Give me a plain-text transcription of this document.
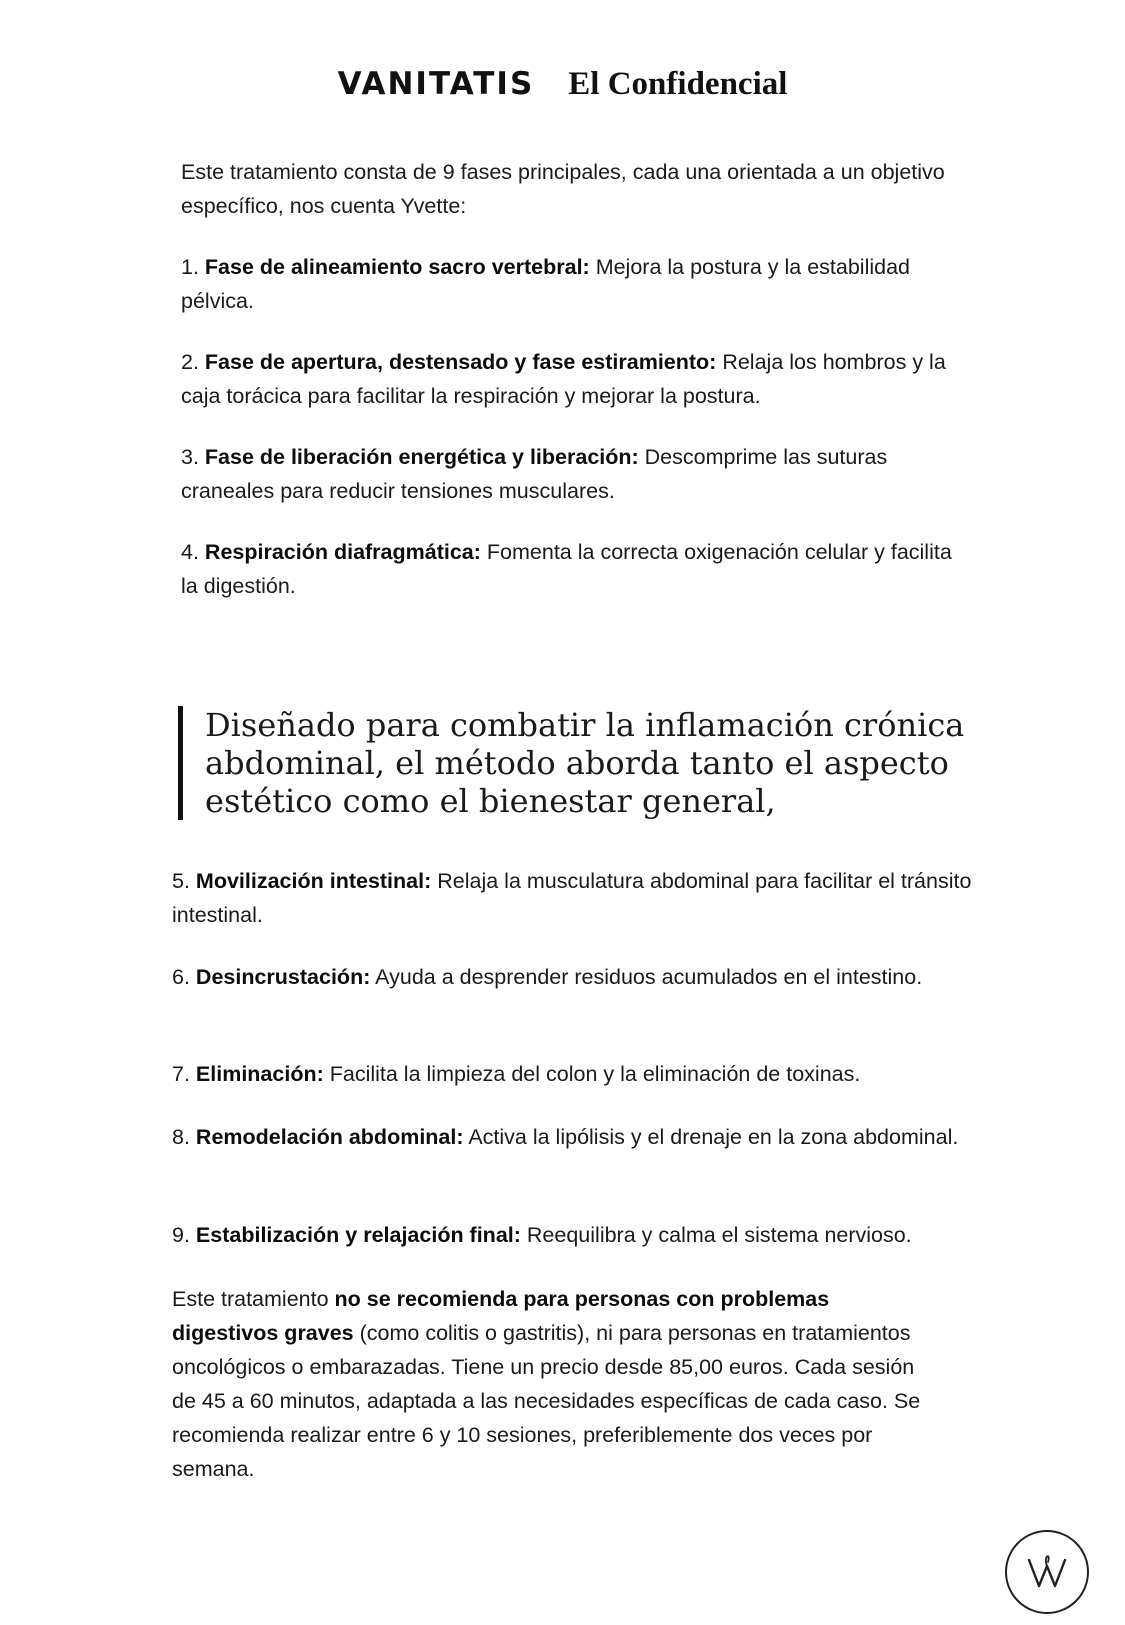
VANITATIS El Confidencial

Este tratamiento consta de 9 fases principales, cada una orientada a un objetivo específico, nos cuenta Yvette:

1. Fase de alineamiento sacro vertebral: Mejora la postura y la estabilidad pélvica.

2. Fase de apertura, destensado y fase estiramiento: Relaja los hombros y la caja torácica para facilitar la respiración y mejorar la postura.

3. Fase de liberación energética y liberación: Descomprime las suturas craneales para reducir tensiones musculares.

4. Respiración diafragmática: Fomenta la correcta oxigenación celular y facilita la digestión.

Diseñado para combatir la inflamación crónica abdominal, el método aborda tanto el aspecto estético como el bienestar general,

5. Movilización intestinal: Relaja la musculatura abdominal para facilitar el tránsito intestinal.

6. Desincrustación: Ayuda a desprender residuos acumulados en el intestino.

7. Eliminación: Facilita la limpieza del colon y la eliminación de toxinas.

8. Remodelación abdominal: Activa la lipólisis y el drenaje en la zona abdominal.

9. Estabilización y relajación final: Reequilibra y calma el sistema nervioso.

Este tratamiento no se recomienda para personas con problemas digestivos graves (como colitis o gastritis), ni para personas en tratamientos oncológicos o embarazadas. Tiene un precio desde 85,00 euros. Cada sesión de 45 a 60 minutos, adaptada a las necesidades específicas de cada caso. Se recomienda realizar entre 6 y 10 sesiones, preferiblemente dos veces por semana.
